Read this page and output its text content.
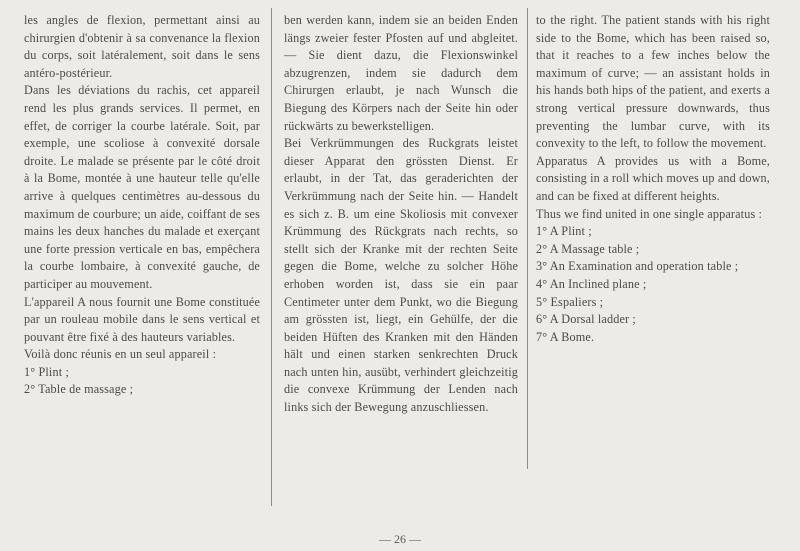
les angles de flexion, permettant ainsi au chirurgien d'obtenir à sa convenance la flexion du corps, soit latéralement, soit dans le sens antéro-postérieur.

Dans les déviations du rachis, cet appareil rend les plus grands services. Il permet, en effet, de corriger la courbe latérale. Soit, par exemple, une scoliose à convexité dorsale droite. Le malade se présente par le côté droit à la Bome, montée à une hauteur telle qu'elle arrive à quelques centimètres au-dessous du maximum de courbure; un aide, coiffant de ses mains les deux hanches du malade et exerçant une forte pression verticale en bas, empêchera la courbe lombaire, à convexité gauche, de participer au mouvement.

L'appareil A nous fournit une Bome constituée par un rouleau mobile dans le sens vertical et pouvant être fixé à des hauteurs variables.

Voilà donc réunis en un seul appareil :

1° Plint ;

2° Table de massage ;

ben werden kann, indem sie an beiden Enden längs zweier fester Pfosten auf und abgleitet. — Sie dient dazu, die Flexionswinkel abzugrenzen, indem sie dadurch dem Chirurgen erlaubt, je nach Wunsch die Biegung des Körpers nach der Seite hin oder rückwärts zu bewerkstelligen.

Bei Verkrümmungen des Ruckgrats leistet dieser Apparat den grössten Dienst. Er erlaubt, in der Tat, das geraderichten der Verkrümmung nach der Seite hin. — Handelt es sich z. B. um eine Skoliosis mit convexer Krümmung des Rückgrats nach rechts, so stellt sich der Kranke mit der rechten Seite gegen die Bome, welche zu solcher Höhe erhoben worden ist, dass sie ein paar Centimeter unter dem Punkt, wo die Biegung am grössten ist, liegt, ein Gehülfe, der die beiden Hüften des Kranken mit den Händen hält und einen starken senkrechten Druck nach unten hin, ausübt, verhindert gleichzeitig die convexe Krümmung der Lenden nach links sich der Bewegung anzuschliessen.

to the right. The patient stands with his right side to the Bome, which has been raised so, that it reaches to a few inches below the maximum of curve; — an assistant holds in his hands both hips of the patient, and exerts a strong vertical pressure downwards, thus preventing the lumbar curve, with its convexity to the left, to follow the movement.

Apparatus A provides us with a Bome, consisting in a roll which moves up and down, and can be fixed at different heights.

Thus we find united in one single apparatus :

1° A Plint ;

2° A Massage table ;

3° An Examination and operation table ;

4° An Inclined plane ;

5° Espaliers ;

6° A Dorsal ladder ;

7° A Bome.

— 26 —
